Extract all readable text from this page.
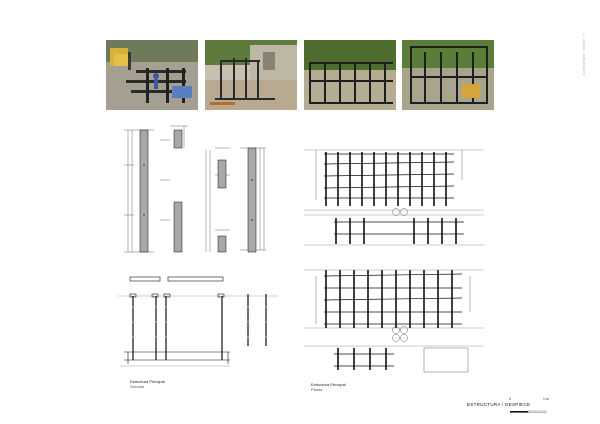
L. LUCAS · ARQUITECTO
Estructura Principal
Sección	Estructura Principal
Planta
ESTRUCTURA / DESPIECE
0	1 m
